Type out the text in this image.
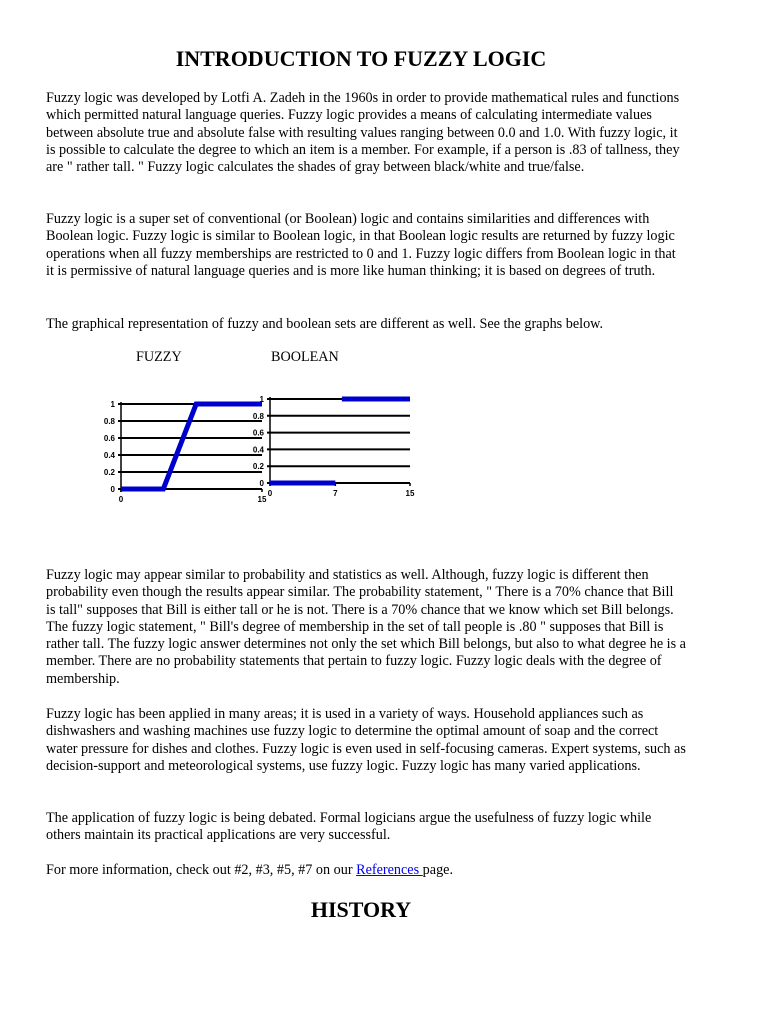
INTRODUCTION TO FUZZY LOGIC

Fuzzy logic was developed by Lotfi A. Zadeh in the 1960s in order to provide mathematical rules and functions which permitted natural language queries. Fuzzy logic provides a means of calculating intermediate values between absolute true and absolute false with resulting values ranging between 0.0 and 1.0. With fuzzy logic, it is possible to calculate the degree to which an item is a member. For example, if a person is .83 of tallness, they are " rather tall. " Fuzzy logic calculates the shades of gray between black/white and true/false.

Fuzzy logic is a super set of conventional (or Boolean) logic and contains similarities and differences with Boolean logic. Fuzzy logic is similar to Boolean logic, in that Boolean logic results are returned by fuzzy logic operations when all fuzzy memberships are restricted to 0 and 1. Fuzzy logic differs from Boolean logic in that it is permissive of natural language queries and is more like human thinking; it is based on degrees of truth.

The graphical representation of fuzzy and boolean sets are different as well. See the graphs below.

FUZZY	BOOLEAN
0
0.2
0.4
0.6
0.8
1
0	15
0
0.2
0.4
0.6
0.8
1
0	7	15

Fuzzy logic may appear similar to probability and statistics as well. Although, fuzzy logic is different then probability even though the results appear similar. The probability statement, " There is a 70% chance that Bill is tall" supposes that Bill is either tall or he is not. There is a 70% chance that we know which set Bill belongs. The fuzzy logic statement, " Bill's degree of membership in the set of tall people is .80 " supposes that Bill is rather tall. The fuzzy logic answer determines not only the set which Bill belongs, but also to what degree he is a member. There are no probability statements that pertain to fuzzy logic. Fuzzy logic deals with the degree of membership.

Fuzzy logic has been applied in many areas; it is used in a variety of ways. Household appliances such as dishwashers and washing machines use fuzzy logic to determine the optimal amount of soap and the correct water pressure for dishes and clothes. Fuzzy logic is even used in self-focusing cameras. Expert systems, such as decision-support and meteorological systems, use fuzzy logic. Fuzzy logic has many varied applications.

The application of fuzzy logic is being debated. Formal logicians argue the usefulness of fuzzy logic while others maintain its practical applications are very successful.

For more information, check out #2, #3, #5, #7 on our References page.

HISTORY
